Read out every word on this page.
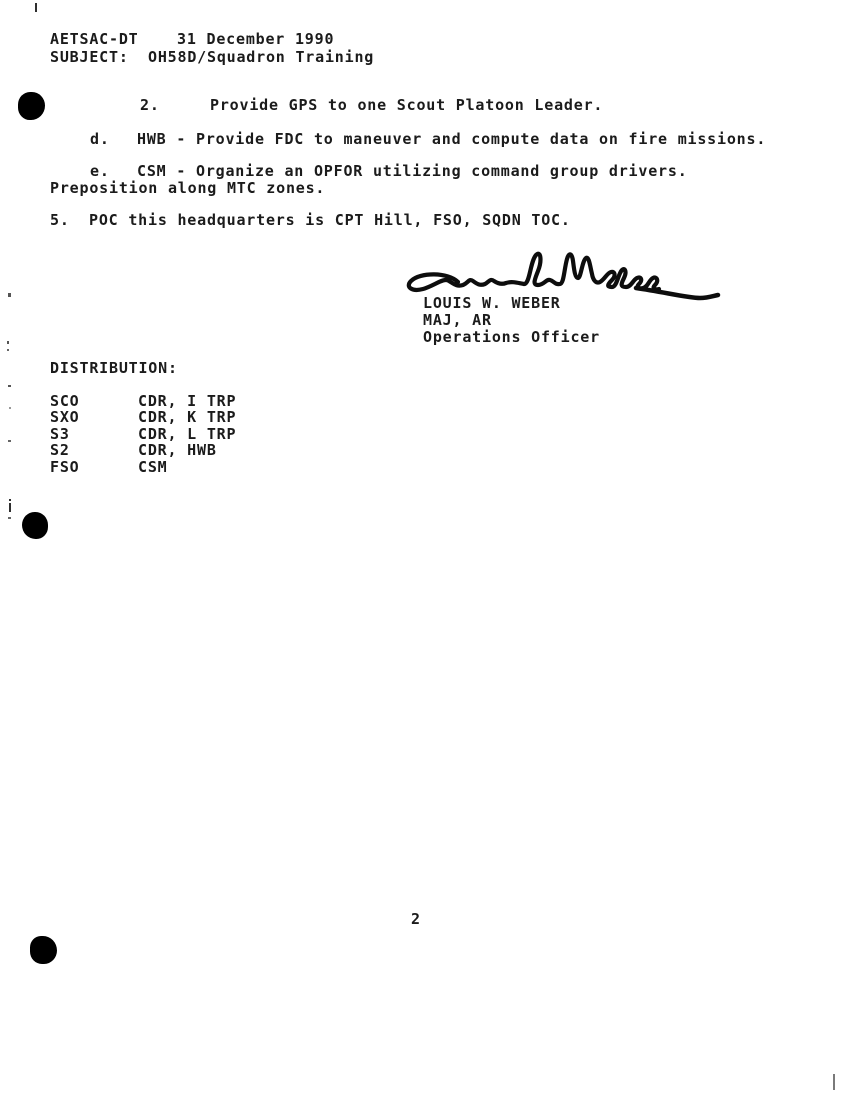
AETSAC-DT	31 December 1990
SUBJECT: OH58D/Squadron Training
2.	Provide GPS to one Scout Platoon Leader.
d. HWB - Provide FDC to maneuver and compute data on fire missions.
e. CSM - Organize an OPFOR utilizing command group drivers.
Preposition along MTC zones.
5. POC this headquarters is CPT Hill, FSO, SQDN TOC.
LOUIS W. WEBER
MAJ, AR
Operations Officer
DISTRIBUTION:
SCO	CDR, I TRP
SXO	CDR, K TRP
S3	CDR, L TRP
S2	CDR, HWB
FSO	CSM
2
